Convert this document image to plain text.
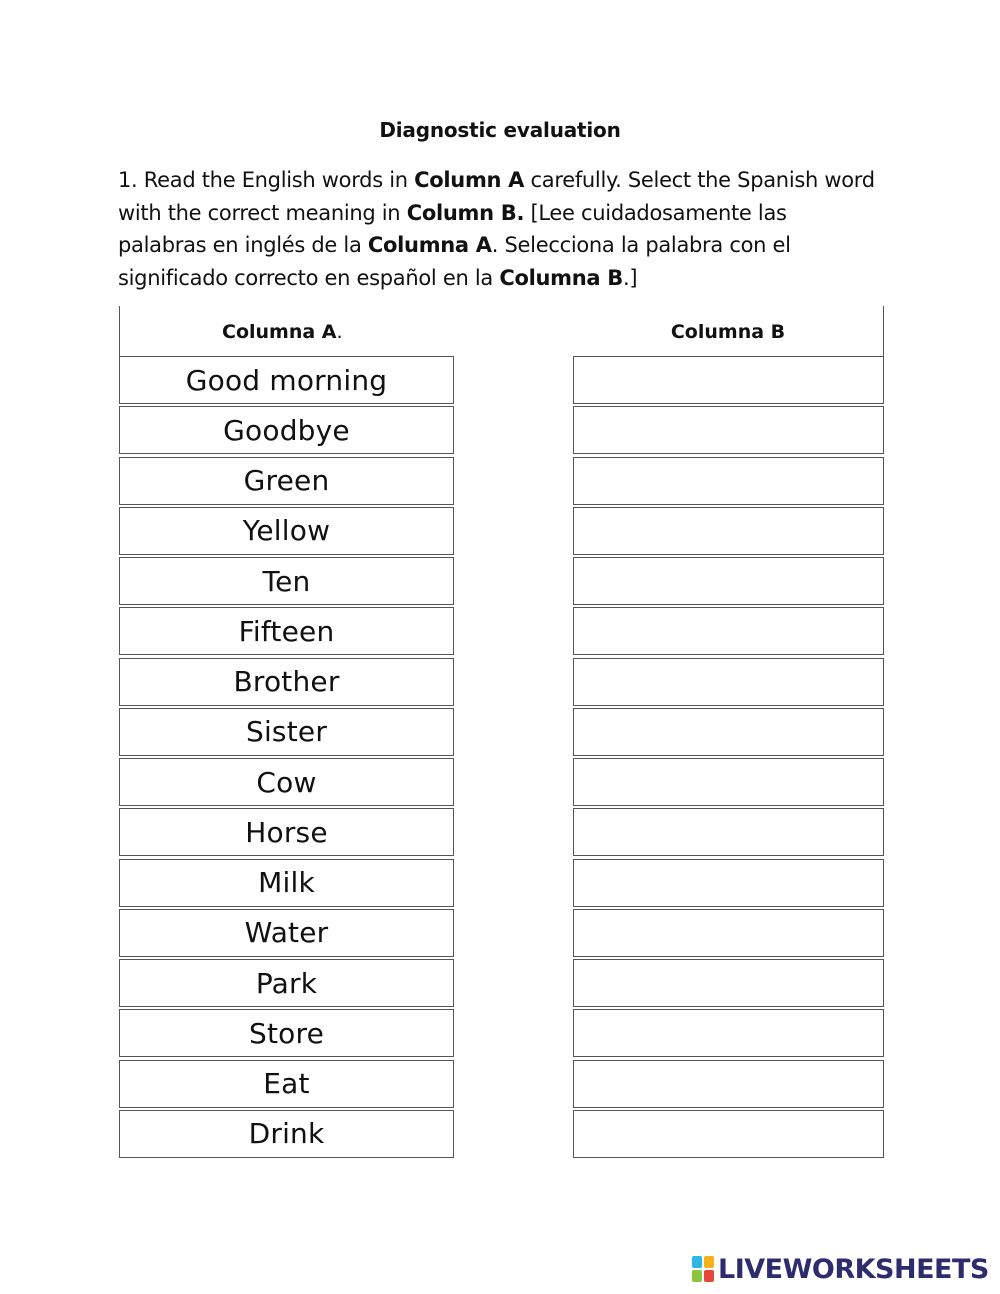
Diagnostic evaluation
1. Read the English words in Column A carefully. Select the Spanish word with the correct meaning in Column B. [Lee cuidadosamente las palabras en inglés de la Columna A. Selecciona la palabra con el significado correcto en español en la Columna B.]
Columna A.	Columna B
Good morning
Goodbye
Green
Yellow
Ten
Fifteen
Brother
Sister
Cow
Horse
Milk
Water
Park
Store
Eat
Drink
LIVEWORKSHEETS
